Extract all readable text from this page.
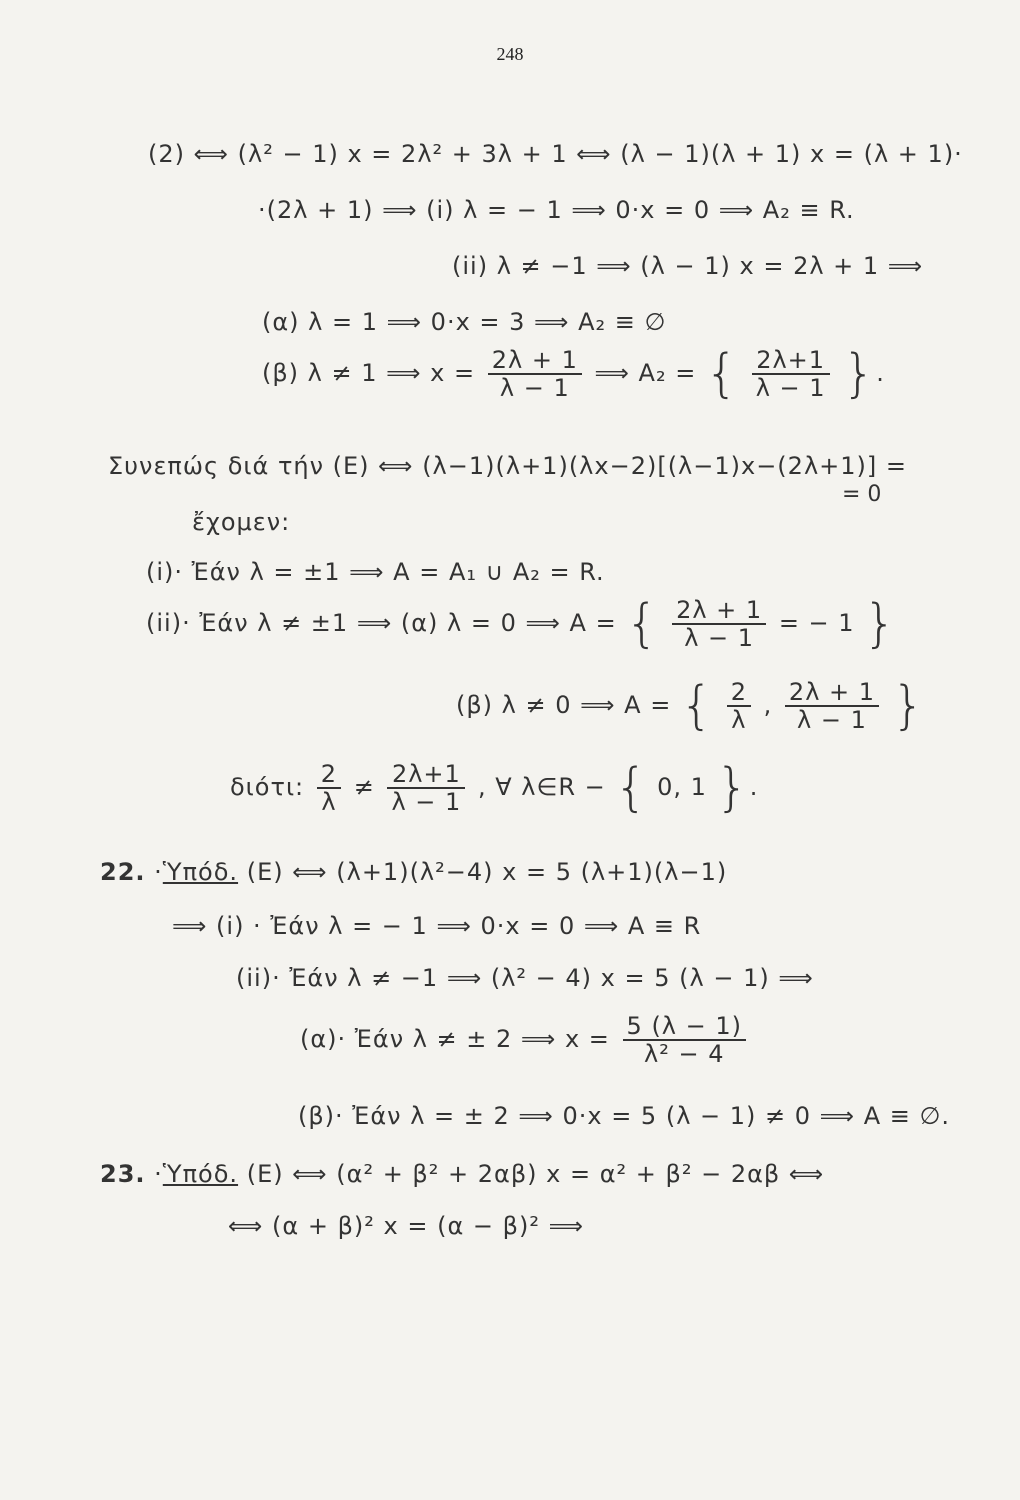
248
(2) ⟺ (λ² − 1) x = 2λ² + 3λ + 1 ⟺ (λ − 1)(λ + 1) x = (λ + 1)·
·(2λ + 1) ⟹ (i) λ = − 1 ⟹ 0·x = 0 ⟹ A₂ ≡ R.
(ii) λ ≠ −1 ⟹ (λ − 1) x = 2λ + 1 ⟹
(α) λ = 1 ⟹ 0·x = 3 ⟹ A₂ ≡ ∅
(β) λ ≠ 1 ⟹ $x = \frac{2\lambda + 1}{\lambda - 1}$ ⟹ A₂ = { $\frac{2\lambda+1}{\lambda - 1}$ }.
Συνεπώς διά τήν (Ε) ⟺ (λ−1)(λ+1)(λx−2)[(λ−1)x−(2λ+1)] =
= 0
ἔχομεν:
(i)· Ἐάν λ = ±1 ⟹ A = A₁ ∪ A₂ = R.
(ii)· Ἐάν λ ≠ ±1 ⟹ (α) λ = 0 ⟹ A = { $\frac{2\lambda + 1}{\lambda - 1}$ = − 1 }
(β) λ ≠ 0 ⟹ A = { $\frac{2}{\lambda}$ , $\frac{2\lambda + 1}{\lambda - 1}$ }
διότι: $\frac{2}{\lambda} \ne \frac{2\lambda+1}{\lambda - 1}$ , ∀ λ∈R − { 0, 1 }.
22. ·Ὑπόδ. (Ε) ⟺ (λ+1)(λ²−4) x = 5 (λ+1)(λ−1)
⟹ (i) · Ἐάν λ = − 1 ⟹ 0·x = 0 ⟹ A ≡ R
(ii)· Ἐάν λ ≠ −1 ⟹ (λ² − 4) x = 5 (λ − 1) ⟹
(α)· Ἐάν λ ≠ ± 2 ⟹ $x = \frac{5 (\lambda - 1)}{\text{λ² − 4}}$
(β)· Ἐάν λ = ± 2 ⟹ 0·x = 5 (λ − 1) ≠ 0 ⟹ A ≡ ∅.
23. ·Ὑπόδ. (Ε) ⟺ (α² + β² + 2αβ) x = α² + β² − 2αβ ⟺
⟺ (α + β)² x = (α − β)² ⟹
